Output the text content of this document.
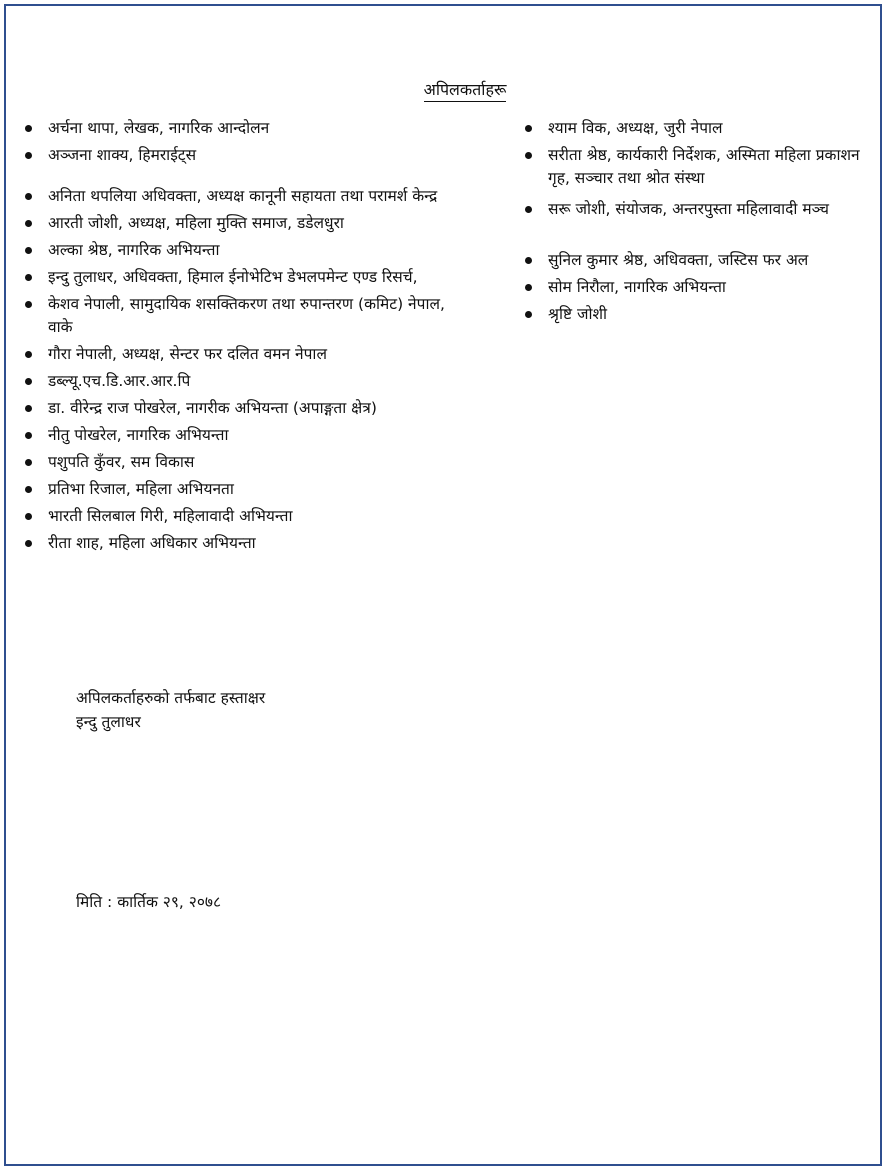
अपिलकर्ताहरू
अर्चना थापा, लेखक, नागरिक आन्दोलन
अञ्जना शाक्य, हिमराईट्स
अनिता थपलिया अधिवक्ता, अध्यक्ष कानूनी सहायता तथा परामर्श केन्द्र
आरती जोशी, अध्यक्ष, महिला मुक्ति समाज, डडेलधुरा
अल्का श्रेष्ठ, नागरिक अभियन्ता
इन्दु तुलाधर, अधिवक्ता, हिमाल ईनोभेटिभ डेभलपमेन्ट एण्ड रिसर्च,
केशव नेपाली, सामुदायिक शसक्तिकरण तथा रुपान्तरण (कमिट) नेपाल, वाके
गौरा नेपाली, अध्यक्ष, सेन्टर फर दलित वमन नेपाल
डब्ल्यू.एच.डि.आर.आर.पि
डा. वीरेन्द्र राज पोखरेल, नागरीक अभियन्ता (अपाङ्गता क्षेत्र)
नीतु पोखरेल, नागरिक अभियन्ता
पशुपति कुँवर, सम विकास
प्रतिभा रिजाल, महिला अभियनता
भारती सिलबाल गिरी, महिलावादी अभियन्ता
रीता शाह, महिला अधिकार अभियन्ता
श्याम विक, अध्यक्ष, जुरी नेपाल
सरीता श्रेष्ठ, कार्यकारी निर्देशक, अस्मिता महिला प्रकाशन गृह, सञ्चार तथा श्रोत संस्था
सरू जोशी, संयोजक, अन्तरपुस्ता महिलावादी मञ्च
सुनिल कुमार श्रेष्ठ, अधिवक्ता, जस्टिस फर अल
सोम निरौला, नागरिक अभियन्ता
श्रृष्टि जोशी
अपिलकर्ताहरुको तर्फबाट हस्ताक्षर
इन्दु तुलाधर
मिति : कार्तिक २९, २०७८
